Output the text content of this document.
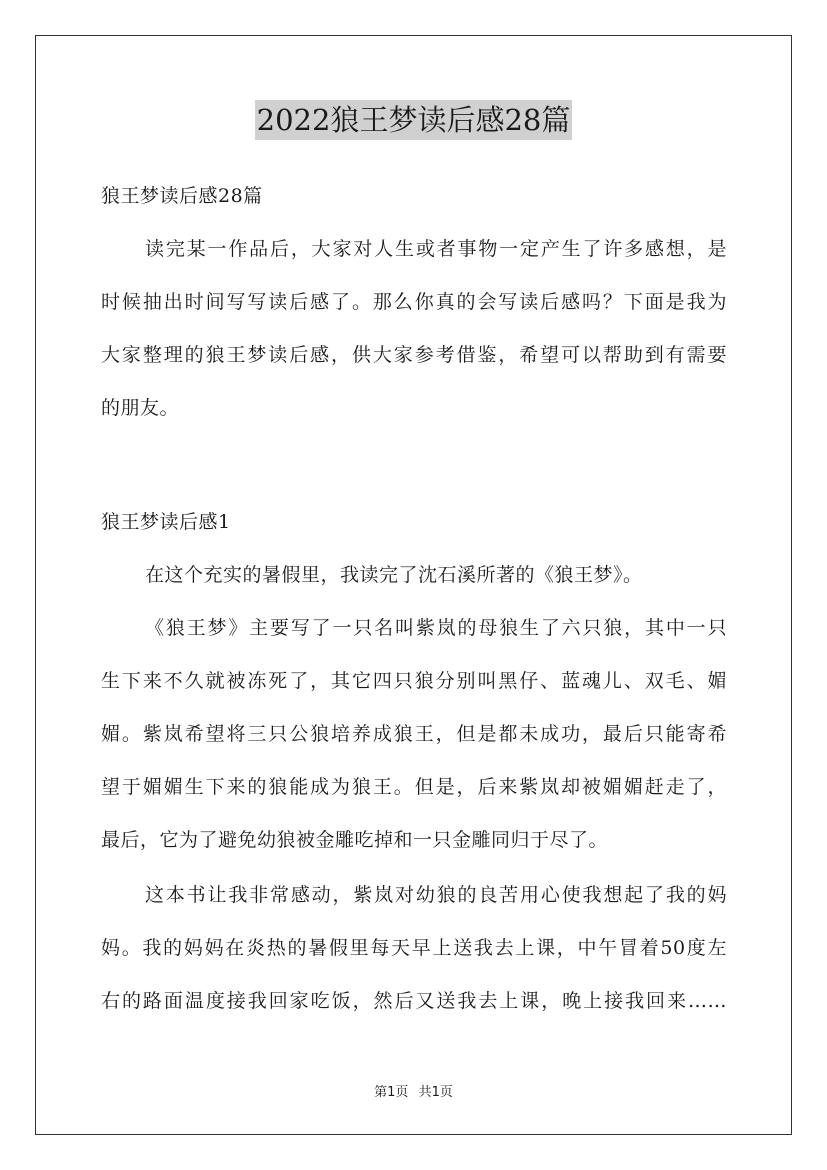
2022狼王梦读后感28篇
狼王梦读后感28篇
读完某一作品后，大家对人生或者事物一定产生了许多感想，是
时候抽出时间写写读后感了。那么你真的会写读后感吗？下面是我为
大家整理的狼王梦读后感，供大家参考借鉴，希望可以帮助到有需要
的朋友。
狼王梦读后感1
在这个充实的暑假里，我读完了沈石溪所著的《狼王梦》。
《狼王梦》主要写了一只名叫紫岚的母狼生了六只狼，其中一只
生下来不久就被冻死了，其它四只狼分别叫黑仔、蓝魂儿、双毛、媚
媚。紫岚希望将三只公狼培养成狼王，但是都未成功，最后只能寄希
望于媚媚生下来的狼能成为狼王。但是，后来紫岚却被媚媚赶走了，
最后，它为了避免幼狼被金雕吃掉和一只金雕同归于尽了。
这本书让我非常感动，紫岚对幼狼的良苦用心使我想起了我的妈
妈。我的妈妈在炎热的暑假里每天早上送我去上课，中午冒着50度左
右的路面温度接我回家吃饭，然后又送我去上课，晚上接我回来……
第1页 共1页
